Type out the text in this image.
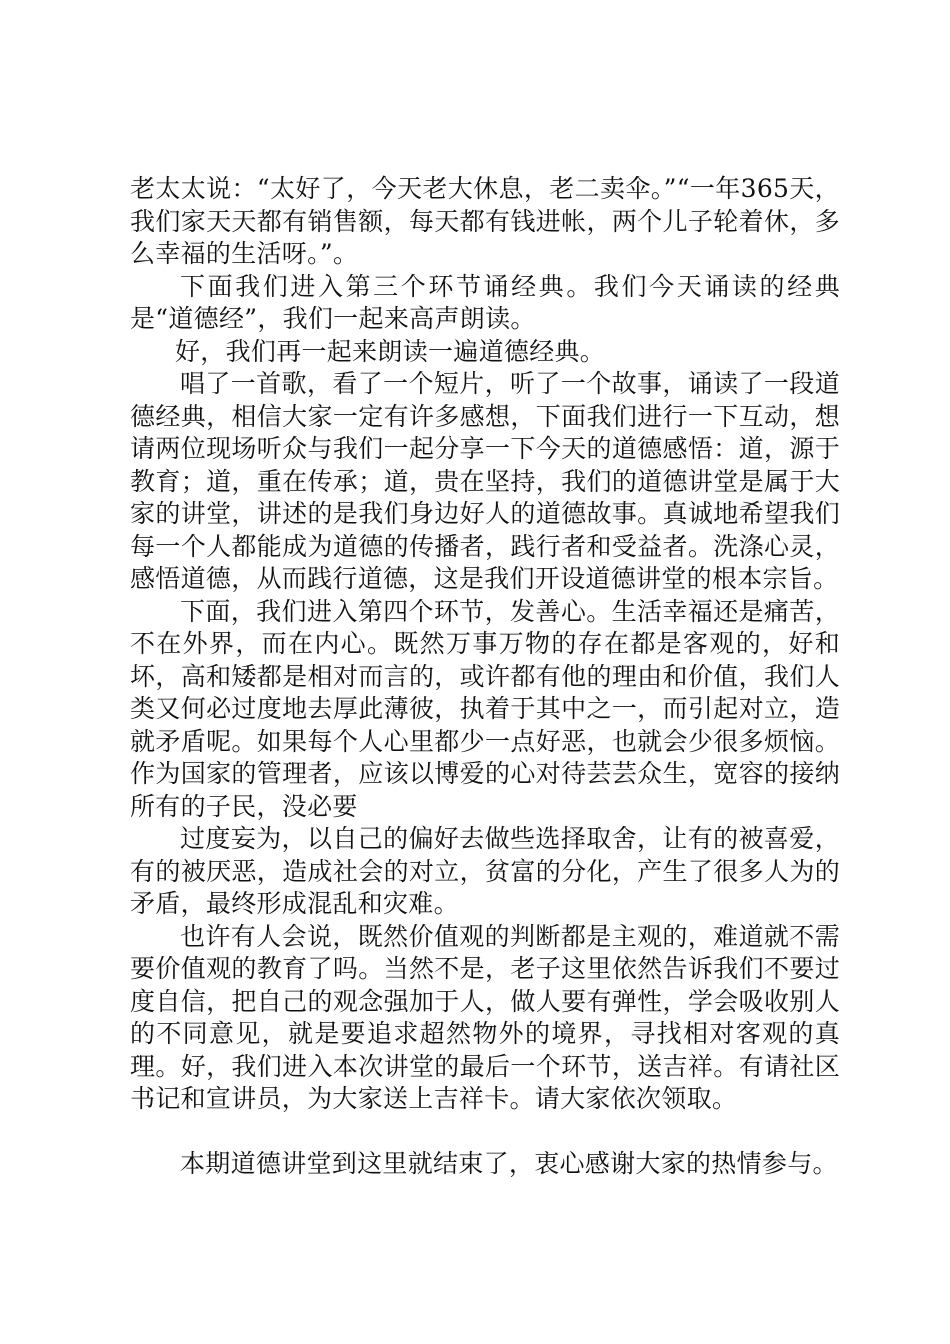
老太太说：“太好了，今天老大休息，老二卖伞。”“一年365天，我们家天天都有销售额，每天都有钱进帐，两个儿子轮着休，多么幸福的生活呀。”。

下面我们进入第三个环节诵经典。我们今天诵读的经典是“道德经”，我们一起来高声朗读。

好，我们再一起来朗读一遍道德经典。

唱了一首歌，看了一个短片，听了一个故事，诵读了一段道德经典，相信大家一定有许多感想，下面我们进行一下互动，想请两位现场听众与我们一起分享一下今天的道德感悟：道，源于教育；道，重在传承；道，贵在坚持，我们的道德讲堂是属于大家的讲堂，讲述的是我们身边好人的道德故事。真诚地希望我们每一个人都能成为道德的传播者，践行者和受益者。洗涤心灵，感悟道德，从而践行道德，这是我们开设道德讲堂的根本宗旨。

下面，我们进入第四个环节，发善心。生活幸福还是痛苦，不在外界，而在内心。既然万事万物的存在都是客观的，好和坏，高和矮都是相对而言的，或许都有他的理由和价值，我们人类又何必过度地去厚此薄彼，执着于其中之一，而引起对立，造就矛盾呢。如果每个人心里都少一点好恶，也就会少很多烦恼。作为国家的管理者，应该以博爱的心对待芸芸众生，宽容的接纳所有的子民，没必要

过度妄为，以自己的偏好去做些选择取舍，让有的被喜爱，有的被厌恶，造成社会的对立，贫富的分化，产生了很多人为的矛盾，最终形成混乱和灾难。

也许有人会说，既然价值观的判断都是主观的，难道就不需要价值观的教育了吗。当然不是，老子这里依然告诉我们不要过度自信，把自己的观念强加于人，做人要有弹性，学会吸收别人的不同意见，就是要追求超然物外的境界，寻找相对客观的真理。好，我们进入本次讲堂的最后一个环节，送吉祥。有请社区书记和宣讲员，为大家送上吉祥卡。请大家依次领取。

本期道德讲堂到这里就结束了，衷心感谢大家的热情参与。
